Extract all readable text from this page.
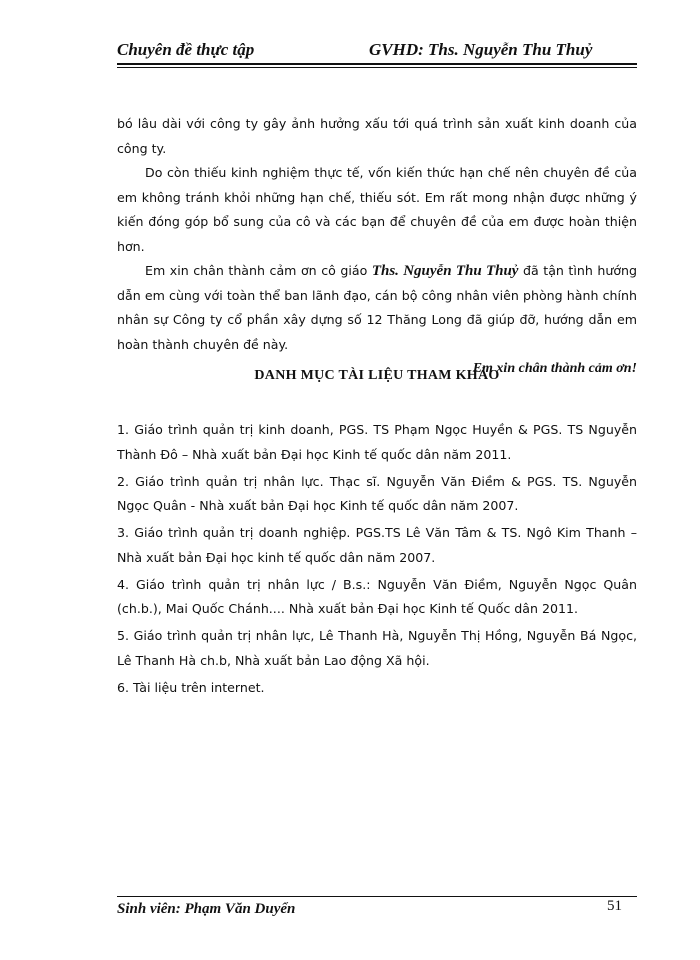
Chuyên đề thực tập	GVHD: Ths. Nguyễn Thu Thuỷ

bó lâu dài với công ty gây ảnh hưởng xấu tới quá trình sản xuất kinh doanh của công ty.

Do còn thiếu kinh nghiệm thực tế, vốn kiến thức hạn chế nên chuyên đề của em không tránh khỏi những hạn chế, thiếu sót. Em rất mong nhận được những ý kiến đóng góp bổ sung của cô và các bạn để chuyên đề của em được hoàn thiện hơn.

Em xin chân thành cảm ơn cô giáo Ths. Nguyễn Thu Thuỷ đã tận tình hướng dẫn em cùng với toàn thể ban lãnh đạo, cán bộ công nhân viên phòng hành chính nhân sự Công ty cổ phần xây dựng số 12 Thăng Long đã giúp đỡ, hướng dẫn em hoàn thành chuyên đề này.

Em xin chân thành cảm ơn!

DANH MỤC TÀI LIỆU THAM KHẢO

1. Giáo trình quản trị kinh doanh, PGS. TS Phạm Ngọc Huyền & PGS. TS Nguyễn Thành Đô – Nhà xuất bản Đại học Kinh tế quốc dân năm 2011.

2. Giáo trình quản trị nhân lực. Thạc sĩ. Nguyễn Văn Điềm & PGS. TS. Nguyễn Ngọc Quân - Nhà xuất bản Đại học Kinh tế quốc dân năm 2007.

3. Giáo trình quản trị doanh nghiệp. PGS.TS Lê Văn Tâm & TS. Ngô Kim Thanh – Nhà xuất bản Đại học kinh tế quốc dân năm 2007.

4. Giáo trình quản trị nhân lực / B.s.: Nguyễn Văn Điềm, Nguyễn Ngọc Quân (ch.b.), Mai Quốc Chánh.... Nhà xuất bản Đại học Kinh tế Quốc dân 2011.

5. Giáo trình quản trị nhân lực, Lê Thanh Hà, Nguyễn Thị Hồng, Nguyễn Bá Ngọc, Lê Thanh Hà ch.b, Nhà xuất bản Lao động Xã hội.

6. Tài liệu trên internet.

Sinh viên: Phạm Văn Duyển	51
